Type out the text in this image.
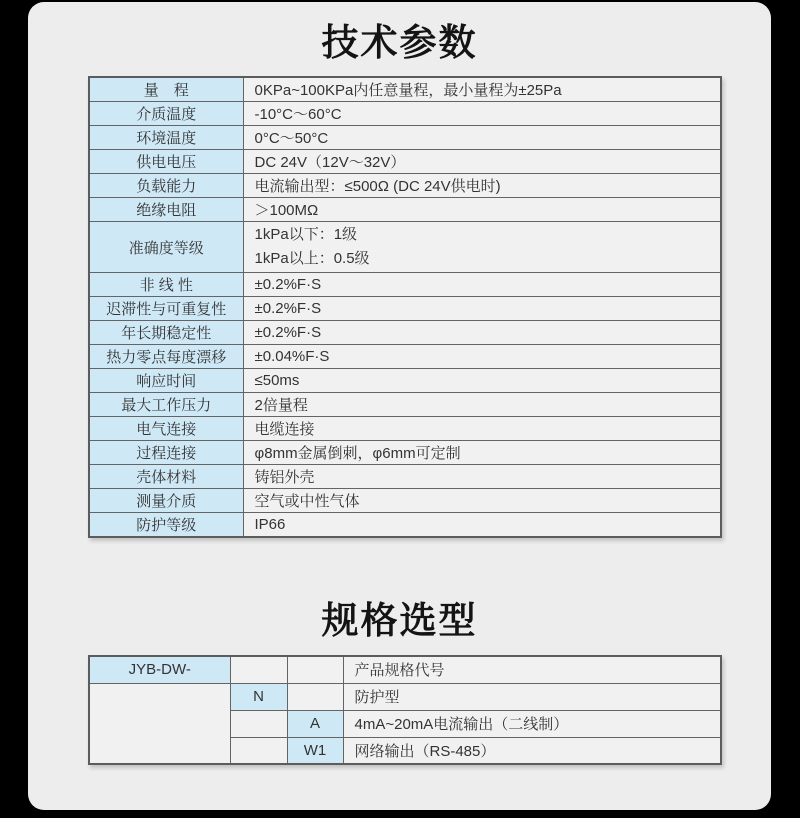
技术参数
量　程	0KPa~100KPa内任意量程，最小量程为±25Pa
介质温度	-10°C～60°C
环境温度	0°C～50°C
供电电压	DC 24V（12V～32V）
负载能力	电流输出型：≤500Ω (DC 24V供电时)
绝缘电阻	＞100MΩ
准确度等级	1kPa以下：1级
1kPa以上：0.5级

非 线 性	±0.2%F·S
迟滞性与可重复性	±0.2%F·S
年长期稳定性	±0.2%F·S
热力零点每度漂移	±0.04%F·S
响应时间	≤50ms
最大工作压力	2倍量程
电气连接	电缆连接
过程连接	φ8mm金属倒刺，φ6mm可定制
壳体材料	铸铝外壳
测量介质	空气或中性气体
防护等级	IP66
规格选型
JYB-DW-			产品规格代号
	N		防护型
		A	4mA~20mA电流输出（二线制）
		W1	网络输出（RS-485）
